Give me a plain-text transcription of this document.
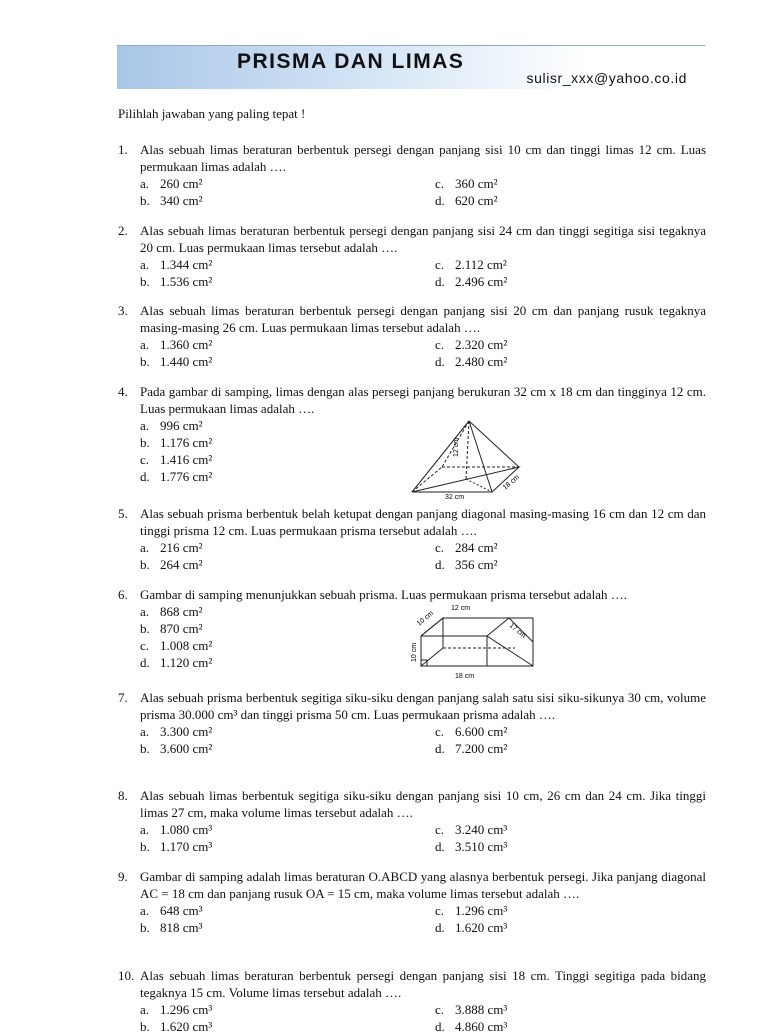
PRISMA DAN LIMAS
sulisr_xxx@yahoo.co.id
Pilihlah jawaban yang paling tepat !
1. Alas sebuah limas beraturan berbentuk persegi dengan panjang sisi 10 cm dan tinggi limas 12 cm. Luas permukaan limas adalah ….
a. 260 cm²
b. 340 cm²
c. 360 cm²
d. 620 cm²
2. Alas sebuah limas beraturan berbentuk persegi dengan panjang sisi 24 cm dan tinggi segitiga sisi tegaknya 20 cm. Luas permukaan limas tersebut adalah ….
a. 1.344 cm²
b. 1.536 cm²
c. 2.112 cm²
d. 2.496 cm²
3. Alas sebuah limas beraturan berbentuk persegi dengan panjang sisi 20 cm dan panjang rusuk tegaknya masing-masing 26 cm. Luas permukaan limas tersebut adalah ….
a. 1.360 cm²
b. 1.440 cm²
c. 2.320 cm²
d. 2.480 cm²
4. Pada gambar di samping, limas dengan alas persegi panjang berukuran 32 cm x 18 cm dan tingginya 12 cm. Luas permukaan limas adalah ….
a. 996 cm²
b. 1.176 cm²
c. 1.416 cm²
d. 1.776 cm²
12 cm
32 cm
18 cm
5. Alas sebuah prisma berbentuk belah ketupat dengan panjang diagonal masing-masing 16 cm dan 12 cm dan tinggi prisma 12 cm. Luas permukaan prisma tersebut adalah ….
a. 216 cm²
b. 264 cm²
c. 284 cm²
d. 356 cm²
6. Gambar di samping menunjukkan sebuah prisma. Luas permukaan prisma tersebut adalah ….
a. 868 cm²
b. 870 cm²
c. 1.008 cm²
d. 1.120 cm²
12 cm
10 cm
17 cm
10 cm
18 cm
7. Alas sebuah prisma berbentuk segitiga siku-siku dengan panjang salah satu sisi siku-sikunya 30 cm, volume prisma 30.000 cm³ dan tinggi prisma 50 cm. Luas permukaan prisma adalah ….
a. 3.300 cm²
b. 3.600 cm²
c. 6.600 cm²
d. 7.200 cm²
8. Alas sebuah limas berbentuk segitiga siku-siku dengan panjang sisi 10 cm, 26 cm dan 24 cm. Jika tinggi limas 27 cm, maka volume limas tersebut adalah ….
a. 1.080 cm³
b. 1.170 cm³
c. 3.240 cm³
d. 3.510 cm³
9. Gambar di samping adalah limas beraturan O.ABCD yang alasnya berbentuk persegi. Jika panjang diagonal AC = 18 cm dan panjang rusuk OA = 15 cm, maka volume limas tersebut adalah ….
a. 648 cm³
b. 818 cm³
c. 1.296 cm³
d. 1.620 cm³
10. Alas sebuah limas beraturan berbentuk persegi dengan panjang sisi 18 cm. Tinggi segitiga pada bidang tegaknya 15 cm. Volume limas tersebut adalah ….
a. 1.296 cm³
b. 1.620 cm³
c. 3.888 cm³
d. 4.860 cm³
